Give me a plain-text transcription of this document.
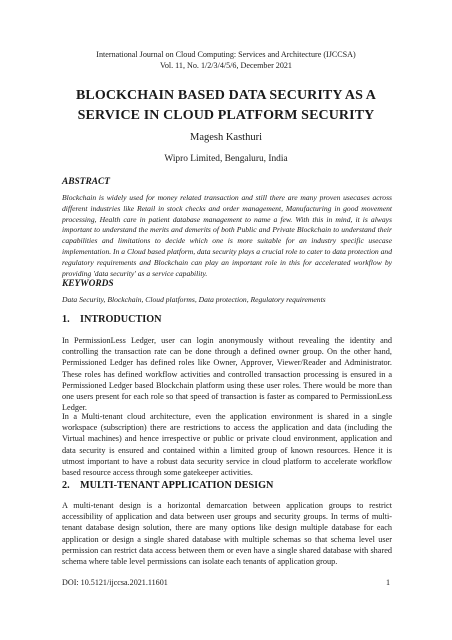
International Journal on Cloud Computing: Services and Architecture (IJCCSA)
Vol. 11, No. 1/2/3/4/5/6, December 2021
BLOCKCHAIN BASED DATA SECURITY AS A
SERVICE IN CLOUD PLATFORM SECURITY
Magesh Kasthuri
Wipro Limited, Bengaluru, India
ABSTRACT
Blockchain is widely used for money related transaction and still there are many proven usecases across different industries like Retail in stock checks and order management, Manufacturing in good movement processing, Health care in patient database management to name a few. With this in mind, it is always important to understand the merits and demerits of both Public and Private Blockchain to understand their capabilities and limitations to decide which one is more suitable for an industry specific usecase implementation. In a Cloud based platform, data security plays a crucial role to cater to data protection and regulatory requirements and Blockchain can play an important role in this for accelerated workflow by providing 'data security' as a service capability.
KEYWORDS
Data Security, Blockchain, Cloud platforms, Data protection, Regulatory requirements
1. INTRODUCTION
In PermissionLess Ledger, user can login anonymously without revealing the identity and controlling the transaction rate can be done through a defined owner group. On the other hand, Permissioned Ledger has defined roles like Owner, Approver, Viewer/Reader and Administrator. These roles has defined workflow activities and controlled transaction processing is ensured in a Permissioned Ledger based Blockchain platform using these user roles. There would be more than one users present for each role so that speed of transaction is faster as compared to PermissionLess Ledger.
In a Multi-tenant cloud architecture, even the application environment is shared in a single workspace (subscription) there are restrictions to access the application and data (including the Virtual machines) and hence irrespective or public or private cloud environment, application and data security is ensured and contained within a limited group of known resources. Hence it is utmost important to have a robust data security service in cloud platform to accelerate workflow based resource access through some gatekeeper activities.
2. MULTI-TENANT APPLICATION DESIGN
A multi-tenant design is a horizontal demarcation between application groups to restrict accessibility of application and data between user groups and security groups. In terms of multi-tenant database design solution, there are many options like design multiple database for each application or design a single shared database with multiple schemas so that schema level user permission can restrict data access between them or even have a single shared database with shared schema where table level permissions can isolate each tenants of application group.
DOI: 10.5121/ijccsa.2021.11601	1
